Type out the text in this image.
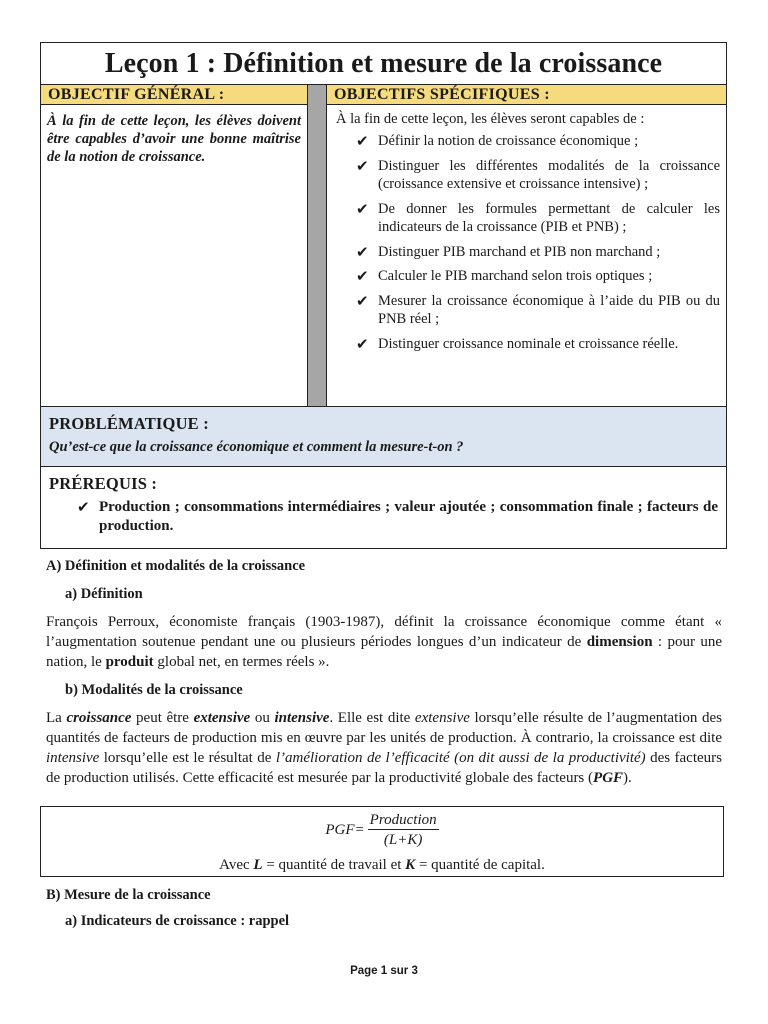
Leçon 1 : Définition et mesure de la croissance
OBJECTIF GÉNÉRAL :
À la fin de cette leçon, les élèves doivent être capables d’avoir une bonne maîtrise de la notion de croissance.
OBJECTIFS SPÉCIFIQUES :
À la fin de cette leçon, les élèves seront capables de :
✔ Définir la notion de croissance économique ;
✔ Distinguer les différentes modalités de la croissance (croissance extensive et croissance intensive) ;
✔ De donner les formules permettant de calculer les indicateurs de la croissance (PIB et PNB) ;
✔ Distinguer PIB marchand et PIB non marchand ;
✔ Calculer le PIB marchand selon trois optiques ;
✔ Mesurer la croissance économique à l’aide du PIB ou du PNB réel ;
✔ Distinguer croissance nominale et croissance réelle.
PROBLÉMATIQUE :

Qu’est-ce que la croissance économique et comment la mesure-t-on ?

PRÉREQUIS :
✔ Production ; consommations intermédiaires ; valeur ajoutée ; consommation finale ; facteurs de production.
A) Définition et modalités de la croissance
a) Définition

François Perroux, économiste français (1903-1987), définit la croissance économique comme étant « l’augmentation soutenue pendant une ou plusieurs périodes longues d’un indicateur de dimension : pour une nation, le produit global net, en termes réels ».

b) Modalités de la croissance

La croissance peut être extensive ou intensive. Elle est dite extensive lorsqu’elle résulte de l’augmentation des quantités de facteurs de production mis en œuvre par les unités de production. À contrario, la croissance est dite intensive lorsqu’elle est le résultat de l’amélioration de l’efficacité (on dit aussi de la productivité) des facteurs de production utilisés. Cette efficacité est mesurée par la productivité globale des facteurs (PGF).

$PGF= \frac{\text{Production}}{(L+K)}$
Avec L = quantité de travail et K = quantité de capital.
B) Mesure de la croissance
a) Indicateurs de croissance : rappel
Page 1 sur 3
